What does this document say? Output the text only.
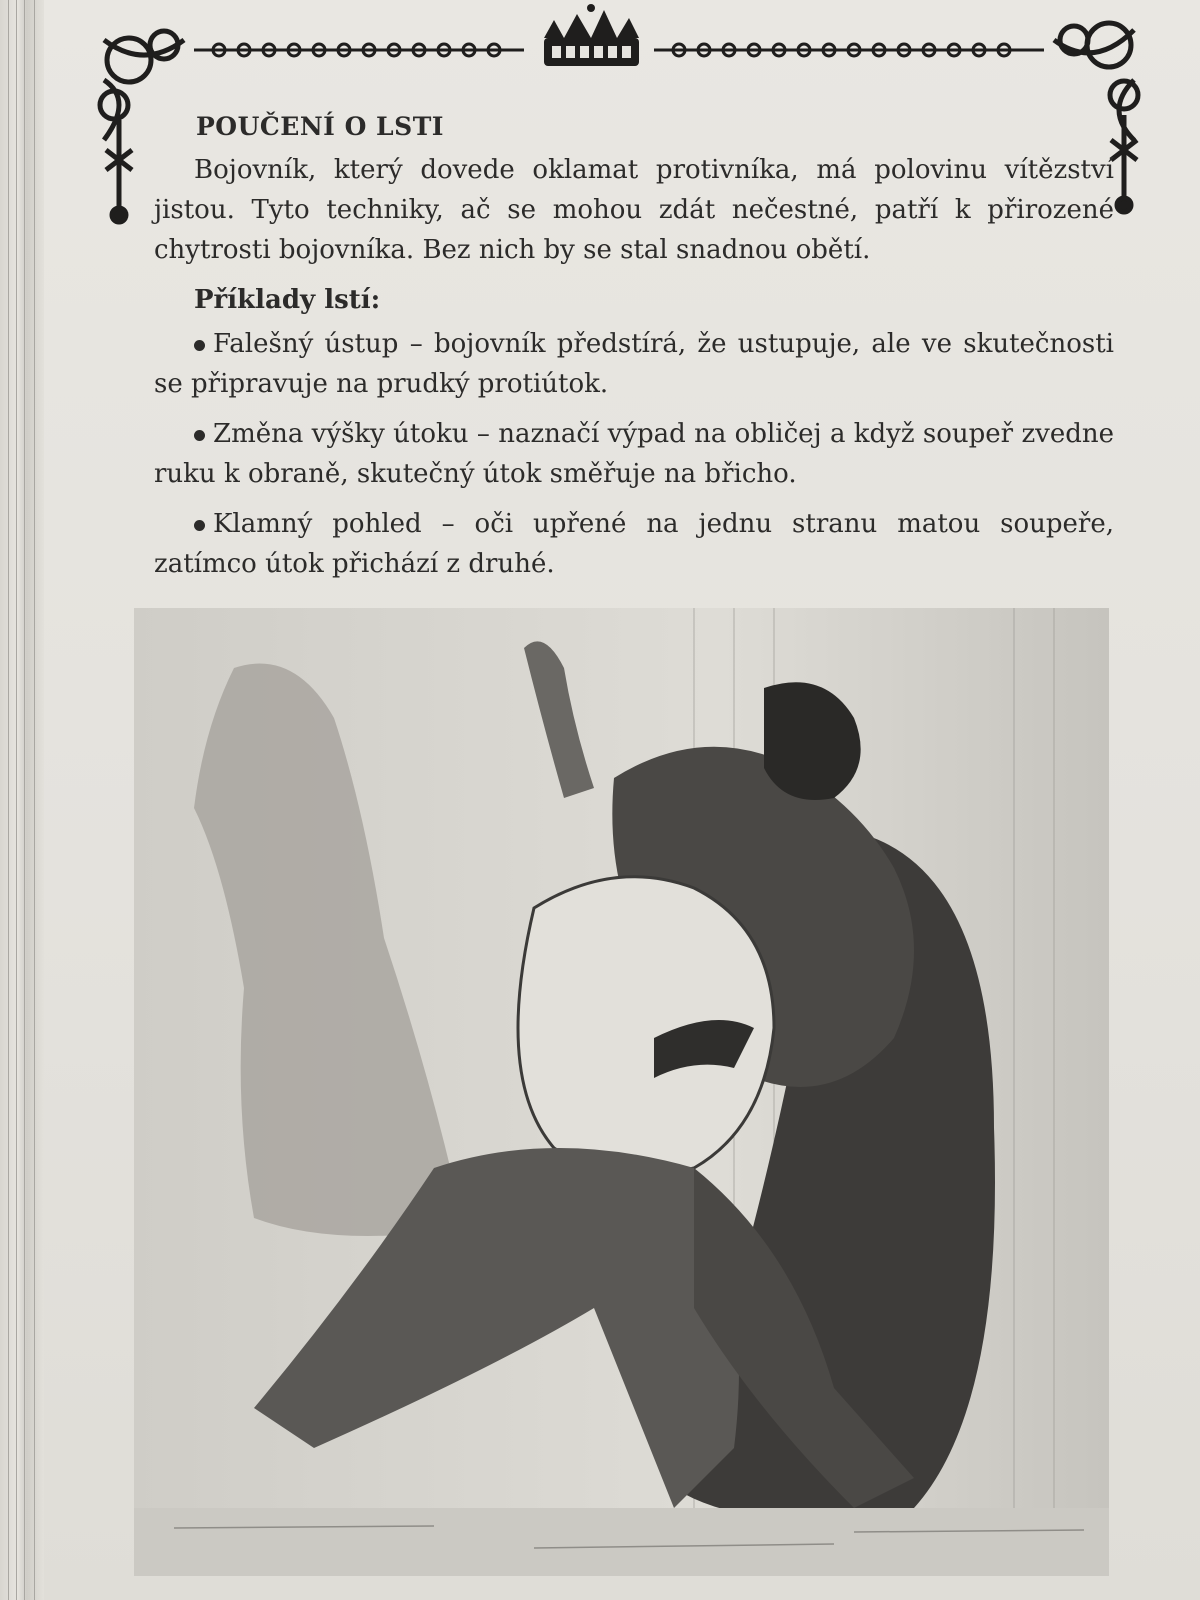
POUČENÍ O LSTI

Bojovník, který dovede oklamat protivníka, má polovinu vítězství jistou. Tyto techniky, ač se mohou zdát nečestné, patří k přirozené chytrosti bojovníka. Bez nich by se stal snadnou obětí.

Příklady lstí:

Falešný ústup – bojovník předstírá, že ustupuje, ale ve skutečnosti se připravuje na prudký protiútok.

Změna výšky útoku – naznačí výpad na obličej a když soupeř zvedne ruku k obraně, skutečný útok směřuje na břicho.

Klamný pohled – oči upřené na jednu stranu matou soupeře, zatímco útok přichází z druhé.
